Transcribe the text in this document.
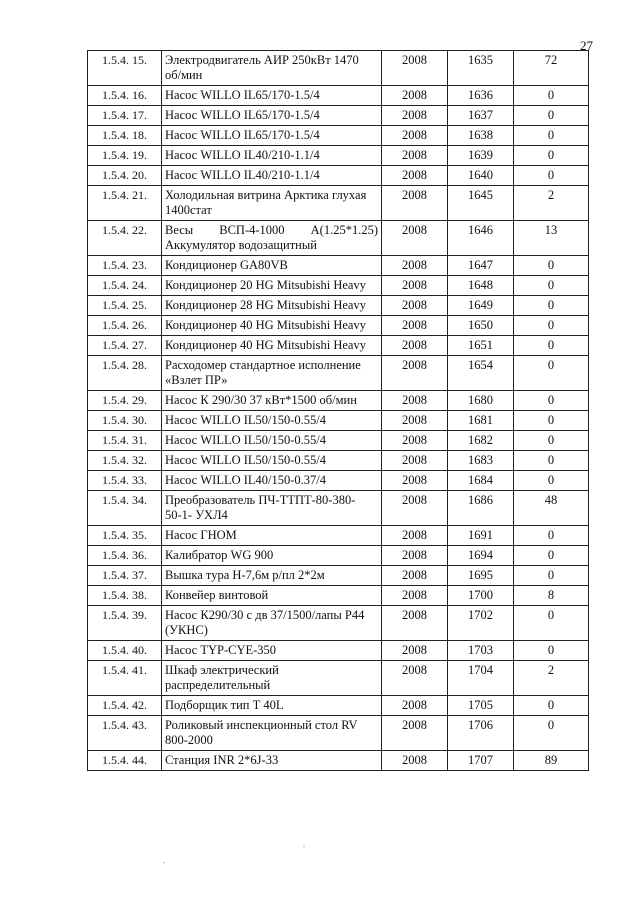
27
1.5.4. 15.	Электродвигатель АИР 250кВт 1470
об/мин	2008	1635	72
1.5.4. 16.	Насос WILLO IL65/170-1.5/4	2008	1636	0
1.5.4. 17.	Насос WILLO IL65/170-1.5/4	2008	1637	0
1.5.4. 18.	Насос WILLO IL65/170-1.5/4	2008	1638	0
1.5.4. 19.	Насос WILLO IL40/210-1.1/4	2008	1639	0
1.5.4. 20.	Насос WILLO IL40/210-1.1/4	2008	1640	0
1.5.4. 21.	Холодильная витрина Арктика глухая
1400стат	2008	1645	2
1.5.4. 22.	Весы ВСП-4-1000 А(1.25*1.25)
Аккумулятор водозащитный	2008	1646	13
1.5.4. 23.	Кондиционер GA80VB	2008	1647	0
1.5.4. 24.	Кондиционер 20 HG Mitsubishi Heavy	2008	1648	0
1.5.4. 25.	Кондиционер 28 HG Mitsubishi Heavy	2008	1649	0
1.5.4. 26.	Кондиционер 40 HG Mitsubishi Heavy	2008	1650	0
1.5.4. 27.	Кондиционер 40 HG Mitsubishi Heavy	2008	1651	0
1.5.4. 28.	Расходомер стандартное исполнение
«Взлет ПР»	2008	1654	0
1.5.4. 29.	Насос К 290/30 37 кВт*1500 об/мин	2008	1680	0
1.5.4. 30.	Насос WILLO IL50/150-0.55/4	2008	1681	0
1.5.4. 31.	Насос WILLO IL50/150-0.55/4	2008	1682	0
1.5.4. 32.	Насос WILLO IL50/150-0.55/4	2008	1683	0
1.5.4. 33.	Насос WILLO IL40/150-0.37/4	2008	1684	0
1.5.4. 34.	Преобразователь ПЧ-ТТПТ-80-380-
50-1- УХЛ4	2008	1686	48
1.5.4. 35.	Насос ГНОМ	2008	1691	0
1.5.4. 36.	Калибратор WG 900	2008	1694	0
1.5.4. 37.	Вышка тура Н-7,6м р/пл 2*2м	2008	1695	0
1.5.4. 38.	Конвейер винтовой	2008	1700	8
1.5.4. 39.	Насос К290/30 с дв 37/1500/лапы Р44
(УКНС)	2008	1702	0
1.5.4. 40.	Насос TYP-CYE-350	2008	1703	0
1.5.4. 41.	Шкаф электрический
распределительный	2008	1704	2
1.5.4. 42.	Подборщик тип Т 40L	2008	1705	0
1.5.4. 43.	Роликовый инспекционный стол RV
800-2000	2008	1706	0
1.5.4. 44.	Станция INR 2*6J-33	2008	1707	89
